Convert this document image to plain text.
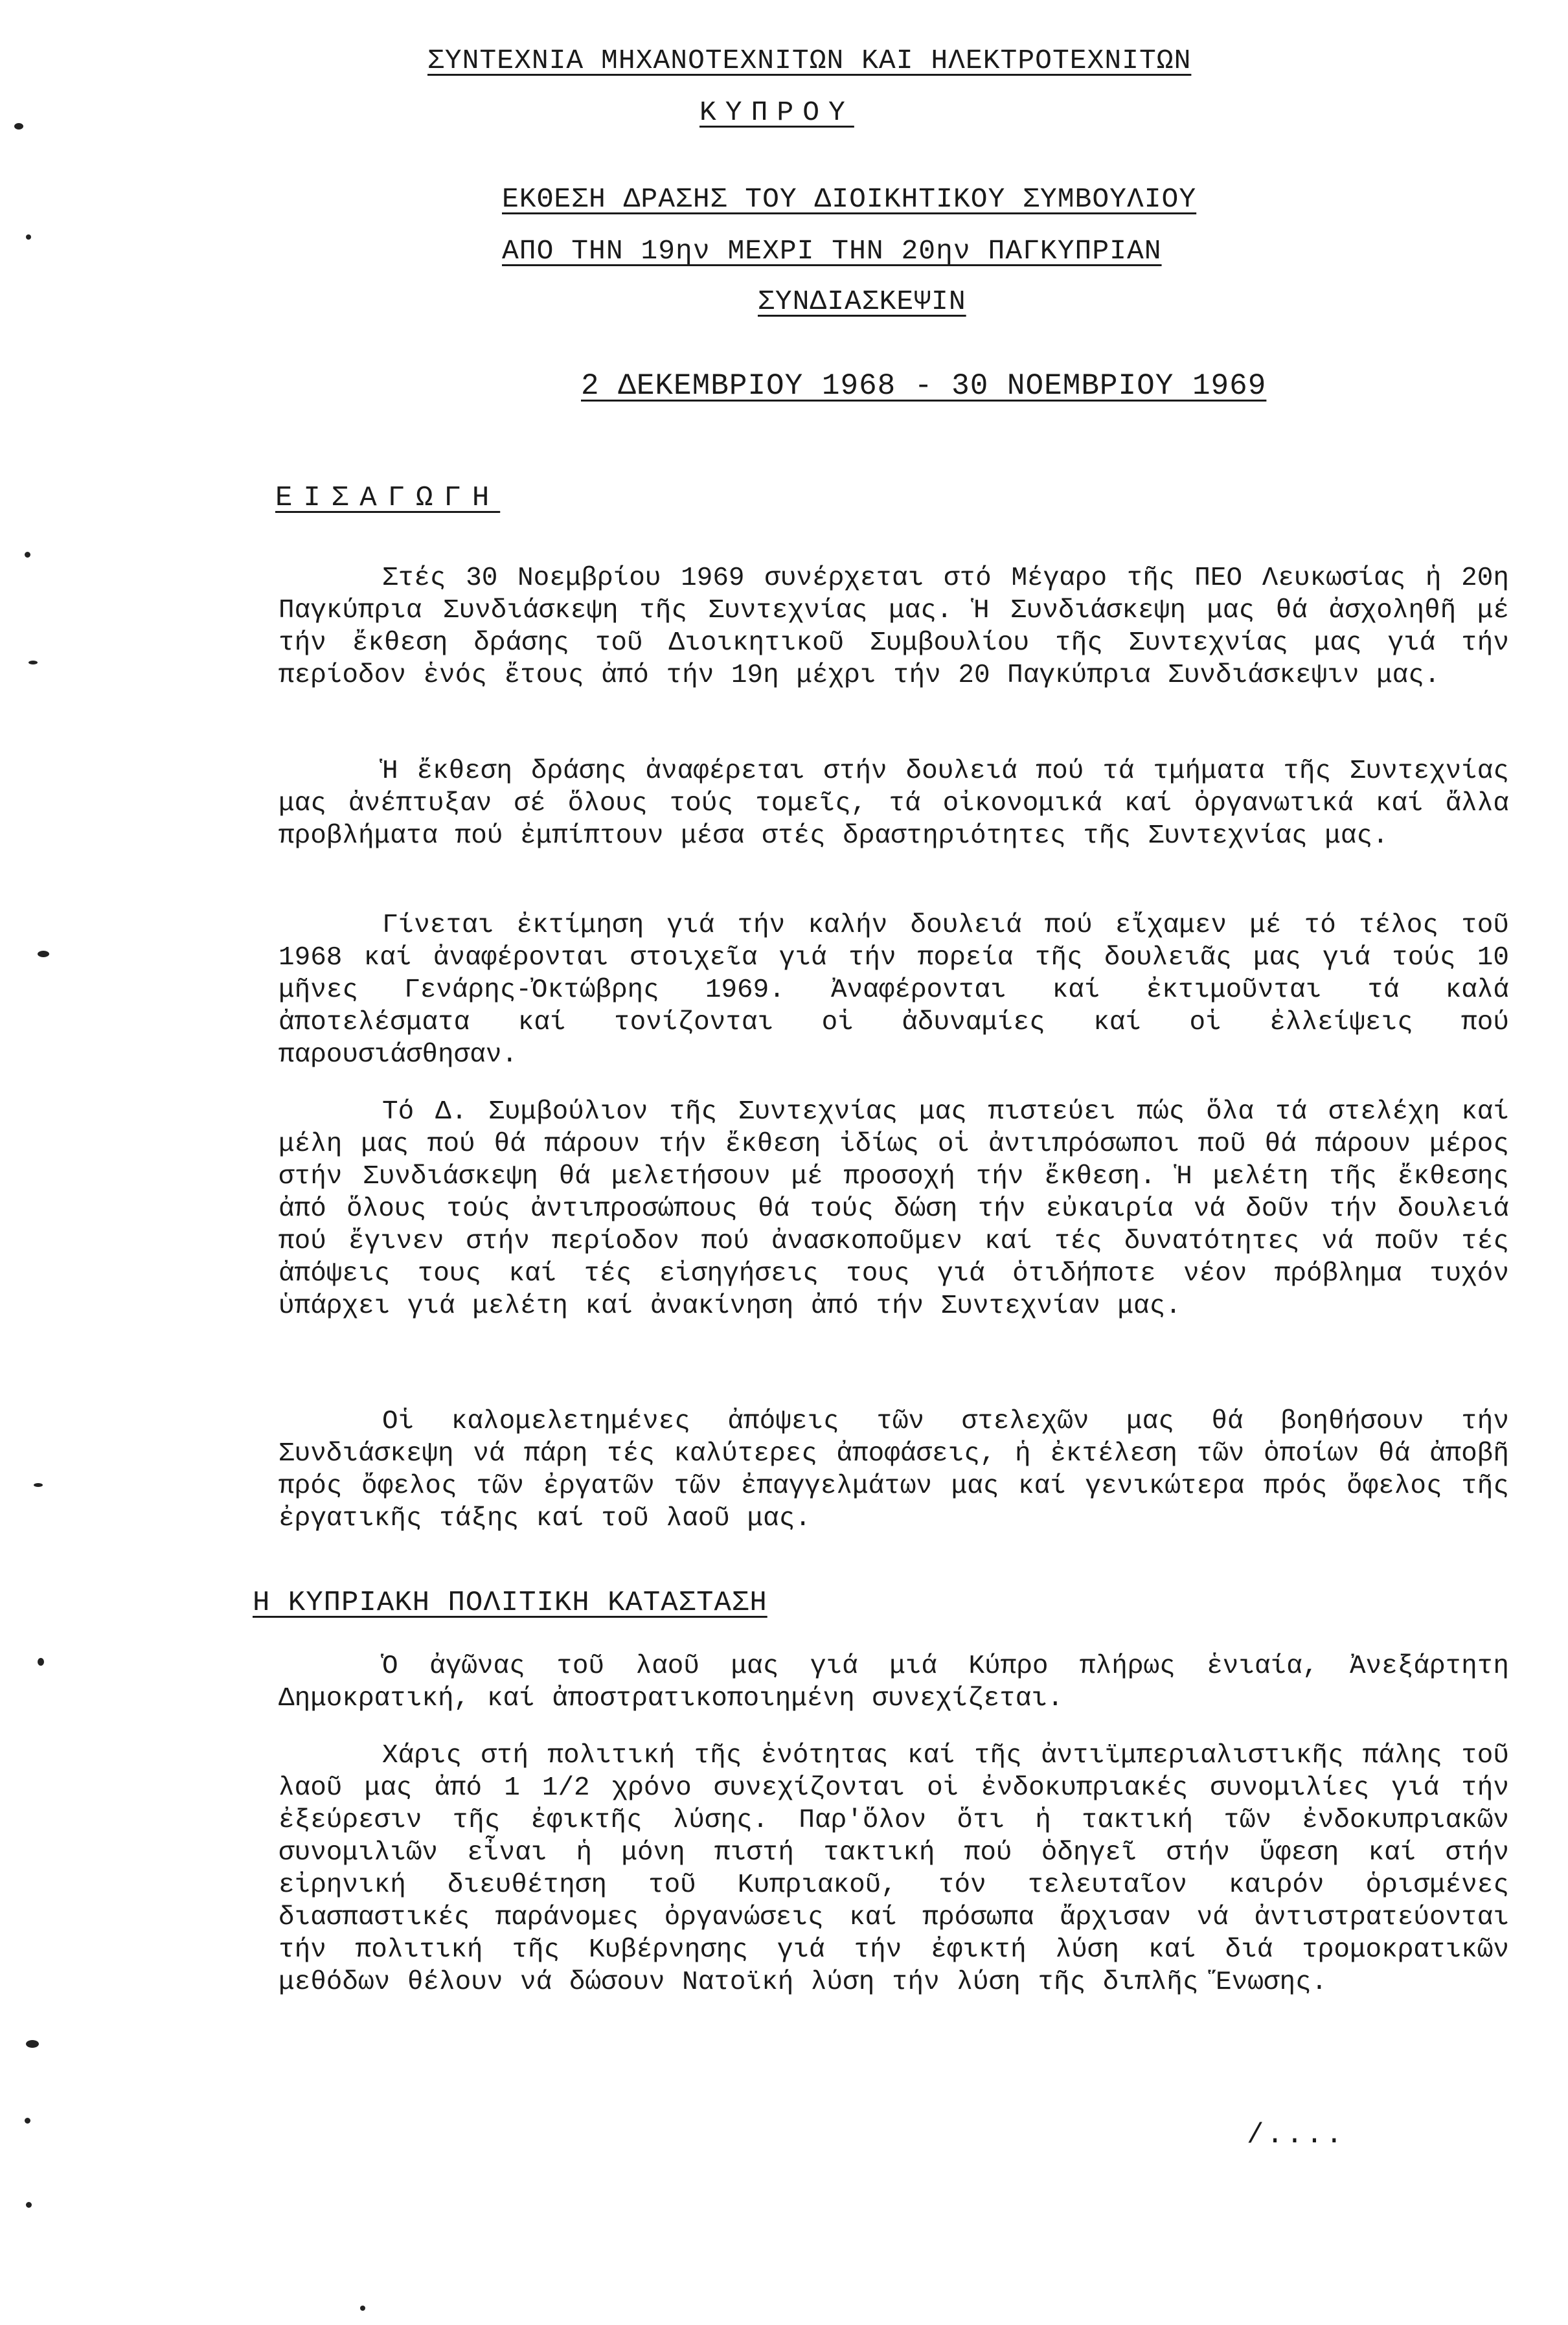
ΣΥΝΤΕΧΝΙΑ ΜΗΧΑΝΟΤΕΧΝΙΤΩΝ ΚΑΙ ΗΛΕΚΤΡΟΤΕΧΝΙΤΩΝ
ΚΥΠΡΟΥ
ΕΚΘΕΣΗ ΔΡΑΣΗΣ ΤΟΥ ΔΙΟΙΚΗΤΙΚΟΥ ΣΥΜΒΟΥΛΙΟΥ
ΑΠΟ ΤΗΝ 19ην ΜΕΧΡΙ ΤΗΝ 20ην ΠΑΓΚΥΠΡΙΑΝ
ΣΥΝΔΙΑΣΚΕΨΙΝ
2 ΔΕΚΕΜΒΡΙΟΥ 1968 - 30 ΝΟΕΜΒΡΙΟΥ 1969
ΕΙΣΑΓΩΓΗ

Στές 30 Νοεμβρίου 1969 συνέρχεται στό Μέγαρο τῆς ΠΕΟ Λευκωσίας ἡ 20η Παγκύπρια Συνδιάσκεψη τῆς Συντεχνίας μας. Ἡ Συνδιάσκεψη μας θά ἀσχοληθῆ μέ τήν ἔκθεση δράσης τοῦ Διοικητικοῦ Συμβουλίου τῆς Συντεχνίας μας γιά τήν περίοδον ἑνός ἔτους ἀπό τήν 19η μέχρι τήν 20 Παγκύπρια Συνδιάσκεψιν μας.

Ἡ ἔκθεση δράσης ἀναφέρεται στήν δουλειά πού τά τμήματα τῆς Συντεχνίας μας ἀνέπτυξαν σέ ὅλους τούς τομεῖς, τά οἰκονομικά καί ὀργανωτικά καί ἄλλα προβλήματα πού ἐμπίπτουν μέσα στές δραστηριότητες τῆς Συντεχνίας μας.

Γίνεται ἐκτίμηση γιά τήν καλήν δουλειά πού εἴχαμεν μέ τό τέλος τοῦ 1968 καί ἀναφέρονται στοιχεῖα γιά τήν πορεία τῆς δουλειᾶς μας γιά τούς 10 μῆνες Γενάρης-Ὀκτώβρης 1969. Ἀναφέρονται καί ἐκτιμοῦνται τά καλά ἀποτελέσματα καί τονίζονται οἱ ἀδυναμίες καί οἱ ἐλλείψεις πού παρουσιάσθησαν.

Τό Δ. Συμβούλιον τῆς Συντεχνίας μας πιστεύει πώς ὅλα τά στελέχη καί μέλη μας πού θά πάρουν τήν ἔκθεση ἰδίως οἱ ἀντιπρόσωποι ποῦ θά πάρουν μέρος στήν Συνδιάσκεψη θά μελετήσουν μέ προσοχή τήν ἔκθεση. Ἡ μελέτη τῆς ἔκθεσης ἀπό ὅλους τούς ἀντιπροσώπους θά τούς δώση τήν εὐκαιρία νά δοῦν τήν δουλειά πού ἔγινεν στήν περίοδον πού ἀνασκοποῦμεν καί τές δυνατότητες νά ποῦν τές ἀπόψεις τους καί τές εἰσηγήσεις τους γιά ὁτιδήποτε νέον πρόβλημα τυχόν ὑπάρχει γιά μελέτη καί ἀνακίνηση ἀπό τήν Συντεχνίαν μας.

Οἱ καλομελετημένες ἀπόψεις τῶν στελεχῶν μας θά βοηθήσουν τήν Συνδιάσκεψη νά πάρη τές καλύτερες ἀποφάσεις, ἡ ἐκτέλεση τῶν ὁποίων θά ἀποβῆ πρός ὄφελος τῶν ἐργατῶν τῶν ἐπαγγελμάτων μας καί γενικώτερα πρός ὄφελος τῆς ἐργατικῆς τάξης καί τοῦ λαοῦ μας.

Η ΚΥΠΡΙΑΚΗ ΠΟΛΙΤΙΚΗ ΚΑΤΑΣΤΑΣΗ

Ὁ ἀγῶνας τοῦ λαοῦ μας γιά μιά Κύπρο πλήρως ἑνιαία, Ἀνεξάρτητη Δημοκρατική, καί ἀποστρατικοποιημένη συνεχίζεται.

Χάρις στή πολιτική τῆς ἑνότητας καί τῆς ἀντιϊμπεριαλιστικῆς πάλης τοῦ λαοῦ μας ἀπό 1 1/2 χρόνο συνεχίζονται οἱ ἐνδοκυπριακές συνομιλίες γιά τήν ἐξεύρεσιν τῆς ἐφικτῆς λύσης. Παρ'ὅλον ὅτι ἡ τακτική τῶν ἐνδοκυπριακῶν συνομιλιῶν εἶναι ἡ μόνη πιστή τακτική πού ὁδηγεῖ στήν ὕφεση καί στήν εἰρηνική διευθέτηση τοῦ Κυπριακοῦ, τόν τελευταῖον καιρόν ὁρισμένες διασπαστικές παράνομες ὀργανώσεις καί πρόσωπα ἄρχισαν νά ἀντιστρατεύονται τήν πολιτική τῆς Κυβέρνησης γιά τήν ἐφικτή λύση καί διά τρομοκρατικῶν μεθόδων θέλουν νά δώσουν Νατοϊκή λύση τήν λύση τῆς διπλῆς Ἕνωσης.

/....
